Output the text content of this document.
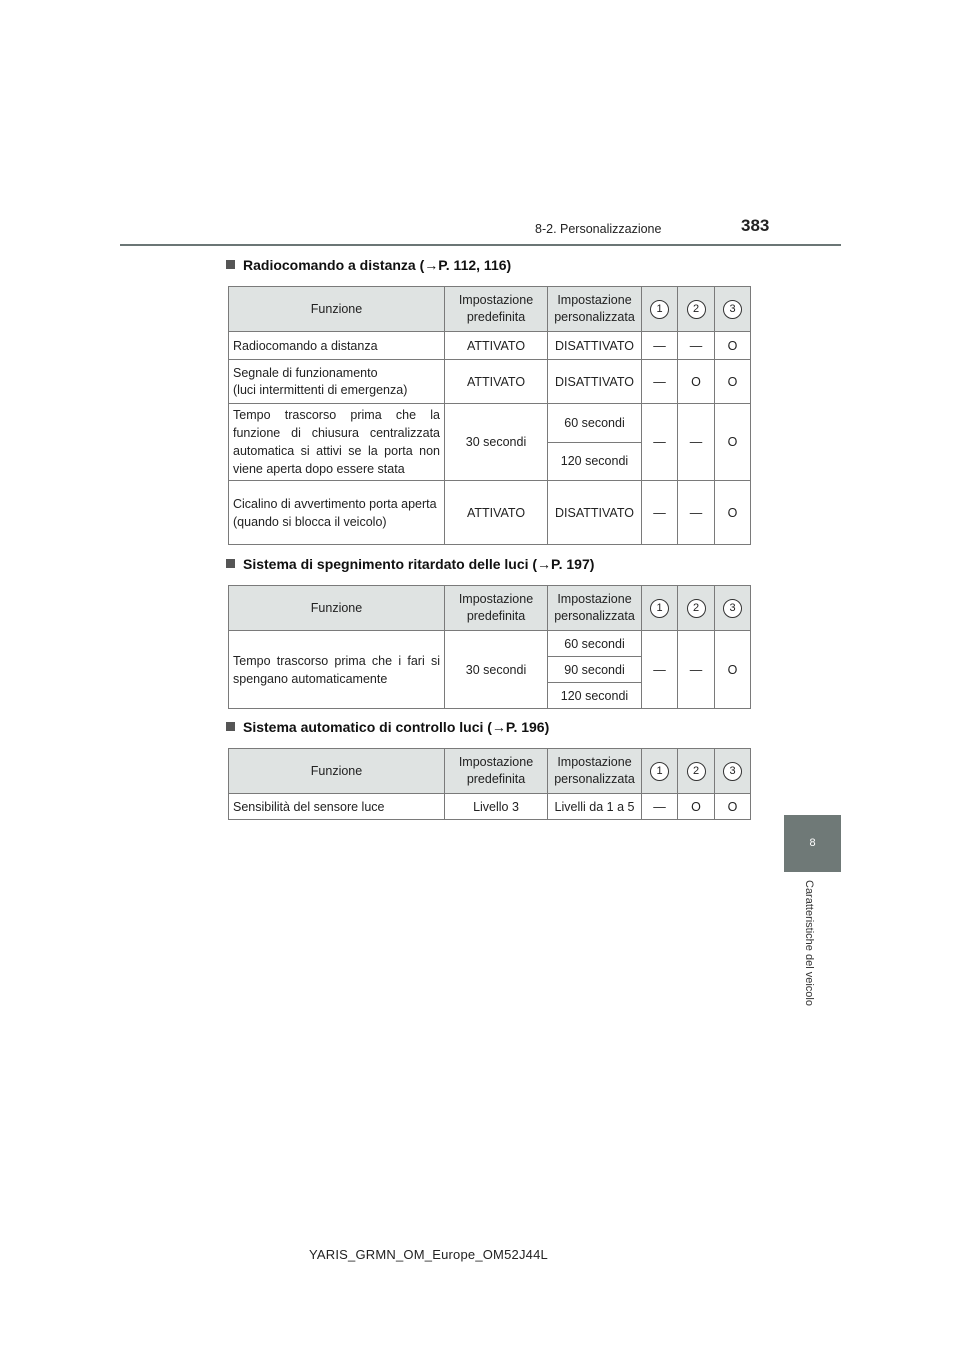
8-2. Personalizzazione	383
8
Caratteristiche del veicolo
Radiocomando a distanza (→P. 112, 116)
Funzione	Impostazione predefinita	Impostazione personalizzata	1	2	3
Radiocomando a distanza	ATTIVATO	DISATTIVATO	—	—	O
Segnale di funzionamento
(luci intermittenti di emergenza)	ATTIVATO	DISATTIVATO	—	O	O
Tempo trascorso prima che la funzione di chiusura centralizzata automatica si attivi se la porta non viene aperta dopo essere stata	30 secondi	60 secondi	—	—	O
		120 secondi			
Cicalino di avvertimento porta aperta
(quando si blocca il veicolo)	ATTIVATO	DISATTIVATO	—	—	O
Sistema di spegnimento ritardato delle luci (→P. 197)
Funzione	Impostazione predefinita	Impostazione personalizzata	1	2	3
Tempo trascorso prima che i fari si spengano automaticamente	30 secondi	60 secondi	—	—	O
		90 secondi			
		120 secondi			
Sistema automatico di controllo luci (→P. 196)
Funzione	Impostazione predefinita	Impostazione personalizzata	1	2	3
Sensibilità del sensore luce	Livello 3	Livelli da 1 a 5	—	O	O
YARIS_GRMN_OM_Europe_OM52J44L
